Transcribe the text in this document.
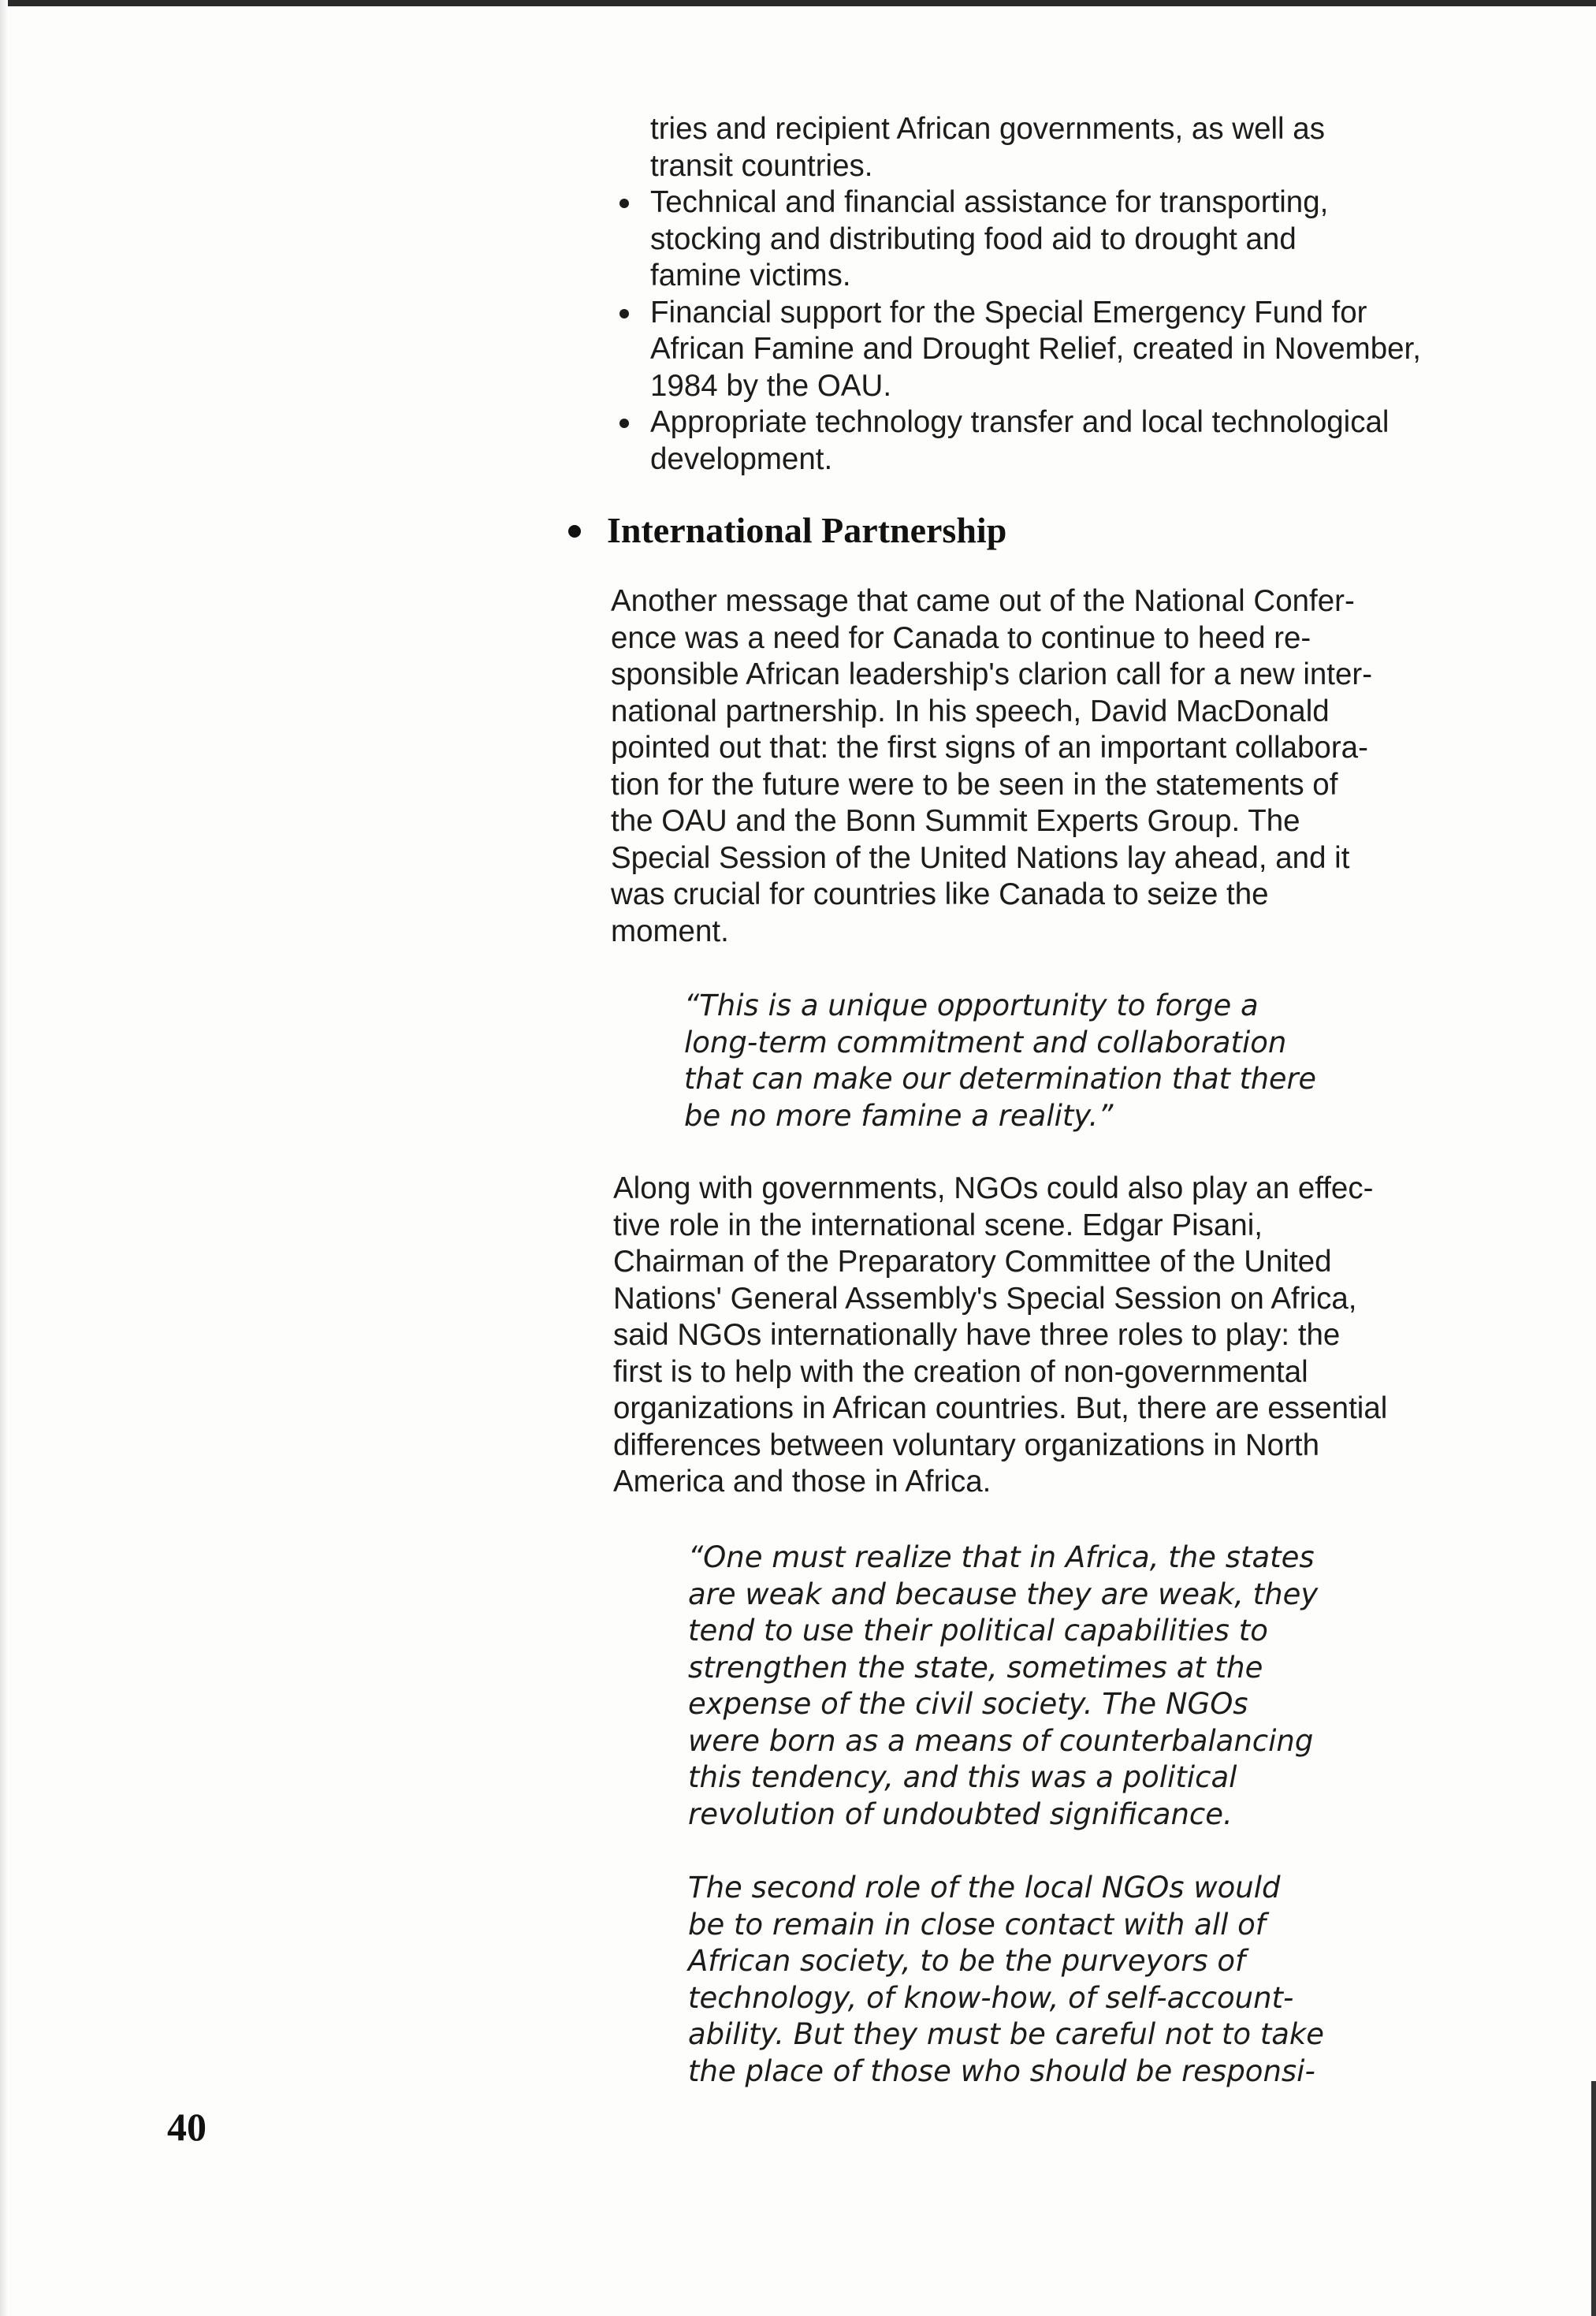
tries and recipient African governments, as well as
transit countries.
Technical and financial assistance for transporting,
stocking and distributing food aid to drought and
famine victims.
Financial support for the Special Emergency Fund for
African Famine and Drought Relief, created in November,
1984 by the OAU.
Appropriate technology transfer and local technological
development.
International Partnership
Another message that came out of the National Confer-
ence was a need for Canada to continue to heed re-
sponsible African leadership's clarion call for a new inter-
national partnership. In his speech, David MacDonald
pointed out that: the first signs of an important collabora-
tion for the future were to be seen in the statements of
the OAU and the Bonn Summit Experts Group. The
Special Session of the United Nations lay ahead, and it
was crucial for countries like Canada to seize the
moment.
“This is a unique opportunity to forge a
long-term commitment and collaboration
that can make our determination that there
be no more famine a reality.”
Along with governments, NGOs could also play an effec-
tive role in the international scene. Edgar Pisani,
Chairman of the Preparatory Committee of the United
Nations' General Assembly's Special Session on Africa,
said NGOs internationally have three roles to play: the
first is to help with the creation of non-governmental
organizations in African countries. But, there are essential
differences between voluntary organizations in North
America and those in Africa.
“One must realize that in Africa, the states
are weak and because they are weak, they
tend to use their political capabilities to
strengthen the state, sometimes at the
expense of the civil society. The NGOs
were born as a means of counterbalancing
this tendency, and this was a political
revolution of undoubted significance.
The second role of the local NGOs would
be to remain in close contact with all of
African society, to be the purveyors of
technology, of know-how, of self-account-
ability. But they must be careful not to take
the place of those who should be responsi-
40
